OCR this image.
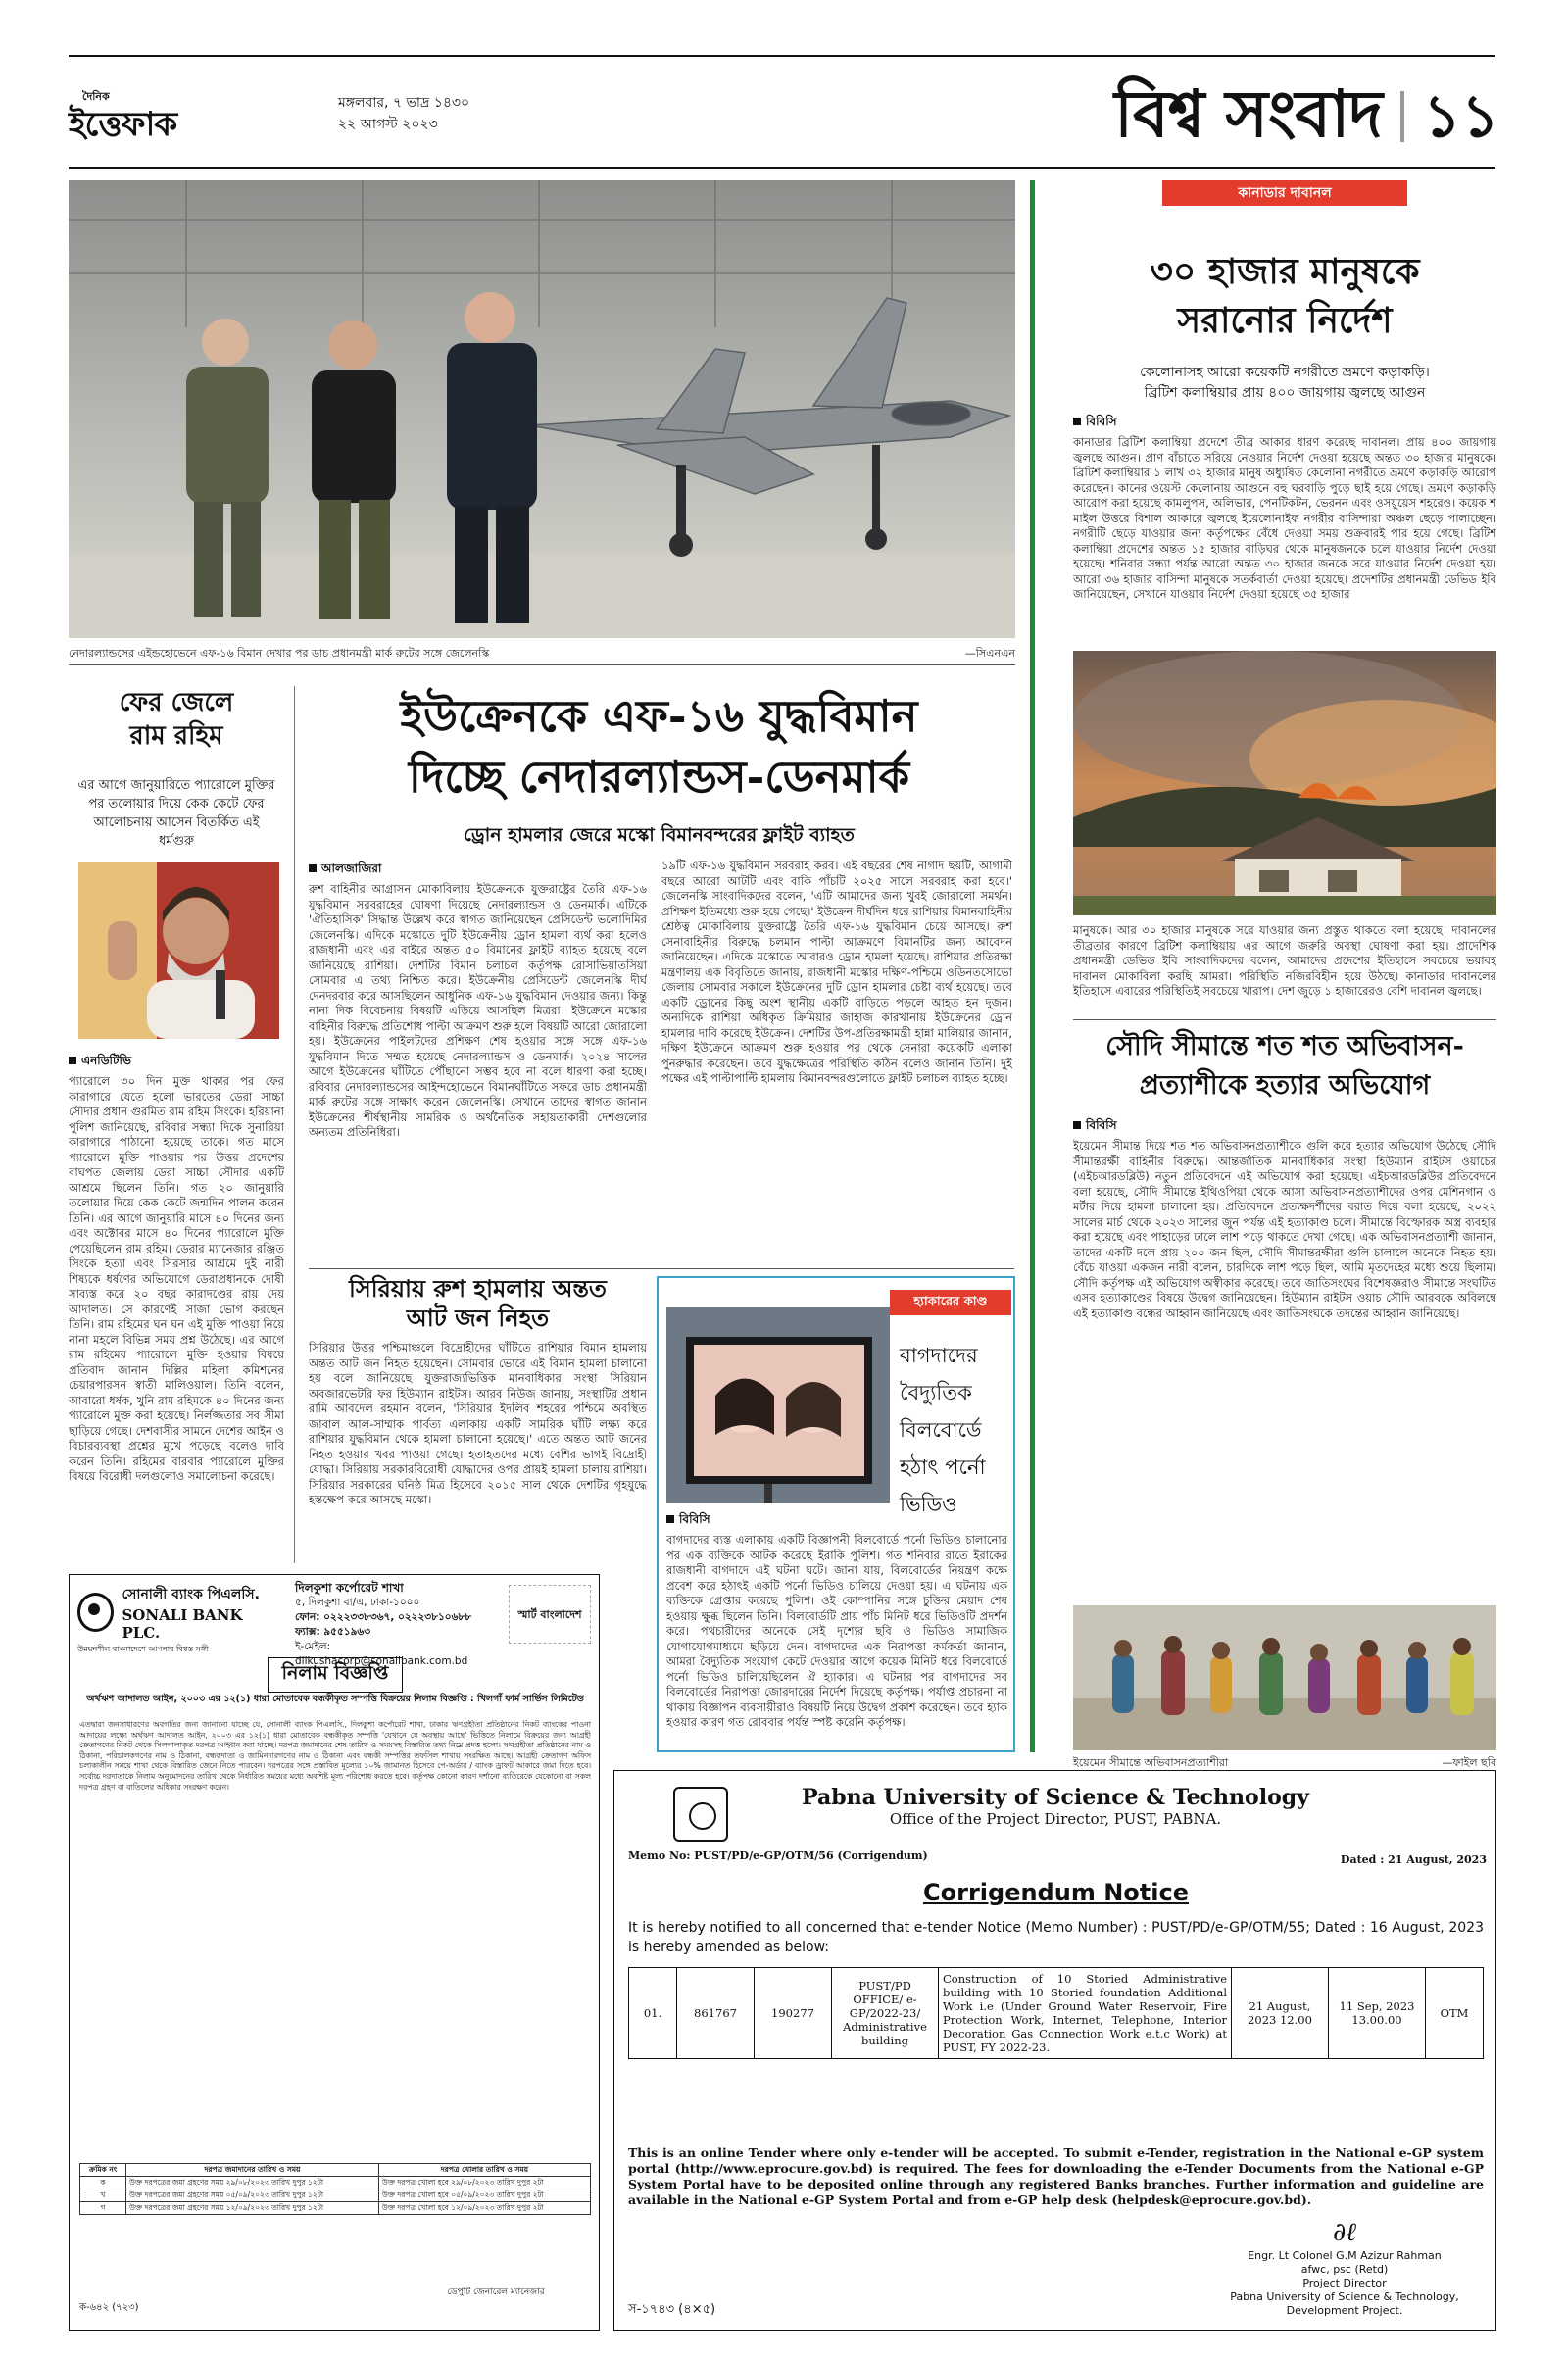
দৈনিক
ইত্তেফাক
মঙ্গলবার, ৭ ভাদ্র ১৪৩০
২২ আগস্ট ২০২৩	বিশ্ব সংবাদ ১১
নেদারল্যান্ডসের এইন্ডহোভেনে এফ-১৬ বিমান দেখার পর ডাচ প্রধানমন্ত্রী মার্ক রুটের সঙ্গে জেলেনস্কি	—সিএনএন
ফের জেলে
রাম রহিম
এর আগে জানুয়ারিতে প্যারোলে মুক্তির পর তলোয়ার দিয়ে কেক কেটে ফের আলোচনায় আসেন বিতর্কিত এই ধর্মগুরু
এনডিটিভি
প্যারোলে ৩০ দিন মুক্ত থাকার পর ফের কারাগারে যেতে হলো ভারতের ডেরা সাচ্চা সৌদার প্রধান গুরমিত রাম রহিম সিংকে। হরিয়ানা পুলিশ জানিয়েছে, রবিবার সন্ধ্যা দিকে সুনারিয়া কারাগারে পাঠানো হয়েছে তাকে। গত মাসে প্যারোলে মুক্তি পাওয়ার পর উত্তর প্রদেশের বাঘপত জেলায় ডেরা সাচ্চা সৌদার একটি আশ্রমে ছিলেন তিনি। গত ২০ জানুয়ারি তলোয়ার দিয়ে কেক কেটে জন্মদিন পালন করেন তিনি। এর আগে জানুয়ারি মাসে ৪০ দিনের জন্য এবং অক্টোবর মাসে ৪০ দিনের প্যারোলে মুক্তি পেয়েছিলেন রাম রহিম। ডেরার ম্যানেজার রঞ্জিত সিংকে হত্যা এবং সিরসার আশ্রমে দুই নারী শিষ্যকে ধর্ষণের অভিযোগে ডেরাপ্রধানকে দোষী সাব্যস্ত করে ২০ বছর কারাদণ্ডের রায় দেয় আদালত। সে কারণেই সাজা ভোগ করছেন তিনি। রাম রহিমের ঘন ঘন এই মুক্তি পাওয়া নিয়ে নানা মহলে বিভিন্ন সময় প্রশ্ন উঠেছে। এর আগে রাম রহিমের প্যারোলে মুক্তি হওয়ার বিষয়ে প্রতিবাদ জানান দিল্লির মহিলা কমিশনের চেয়ারপারসন স্বাতী মালিওয়াল। তিনি বলেন, আবারো ধর্ষক, খুনি রাম রহিমকে ৪০ দিনের জন্য প্যারোলে মুক্ত করা হয়েছে। নির্লজ্জতার সব সীমা ছাড়িয়ে গেছে। দেশবাসীর সামনে দেশের আইন ও বিচারব্যবস্থা প্রশ্নের মুখে পড়েছে বলেও দাবি করেন তিনি। রহিমের বারবার প্যারোলে মুক্তির বিষয়ে বিরোধী দলগুলোও সমালোচনা করেছে।
ইউক্রেনকে এফ-১৬ যুদ্ধবিমান
দিচ্ছে নেদারল্যান্ডস-ডেনমার্ক
ড্রোন হামলার জেরে মস্কো বিমানবন্দরের ফ্লাইট ব্যাহত
আলজাজিরা
রুশ বাহিনীর আগ্রাসন মোকাবিলায় ইউক্রেনকে যুক্তরাষ্ট্রের তৈরি এফ-১৬ যুদ্ধবিমান সরবরাহের ঘোষণা দিয়েছে নেদারল্যান্ডস ও ডেনমার্ক। এটিকে 'ঐতিহাসিক' সিদ্ধান্ত উল্লেখ করে স্বাগত জানিয়েছেন প্রেসিডেন্ট ভলোদিমির জেলেনস্কি। এদিকে মস্কোতে দুটি ইউক্রেনীয় ড্রোন হামলা ব্যর্থ করা হলেও রাজধানী এবং এর বাইরে অন্তত ৫০ বিমানের ফ্লাইট ব্যাহত হয়েছে বলে জানিয়েছে রাশিয়া। দেশটির বিমান চলাচল কর্তৃপক্ষ রোসাভিয়াতসিয়া সোমবার এ তথ্য নিশ্চিত করে। ইউক্রেনীয় প্রেসিডেন্ট জেলেনস্কি দীর্ঘ দেনদরবার করে আসছিলেন আধুনিক এফ-১৬ যুদ্ধবিমান দেওয়ার জন্য। কিন্তু নানা দিক বিবেচনায় বিষয়টি এড়িয়ে আসছিল মিত্ররা। ইউক্রেনে মস্কোর বাহিনীর বিরুদ্ধে প্রতিশোধ পাল্টা আক্রমণ শুরু হলে বিষয়টি আরো জোরালো হয়। ইউক্রেনের পাইলটদের প্রশিক্ষণ শেষ হওয়ার সঙ্গে সঙ্গে এফ-১৬ যুদ্ধবিমান দিতে সম্মত হয়েছে নেদারল্যান্ডস ও ডেনমার্ক। ২০২৪ সালের আগে ইউক্রেনের ঘাঁটিতে পৌঁছানো সম্ভব হবে না বলে ধারণা করা হচ্ছে। রবিবার নেদারল্যান্ডসের আইন্দহোভেনে বিমানঘাঁটিতে সফরে ডাচ প্রধানমন্ত্রী মার্ক রুটের সঙ্গে সাক্ষাৎ করেন জেলেনস্কি। সেখানে তাদের স্বাগত জানান ইউক্রেনের শীর্ষস্থানীয় সামরিক ও অর্থনৈতিক সহায়তাকারী দেশগুলোর অন্যতম প্রতিনিধিরা।
১৯টি এফ-১৬ যুদ্ধবিমান সরবরাহ করব। এই বছরের শেষ নাগাদ ছয়টি, আগামী বছরে আরো আটটি এবং বাকি পাঁচটি ২০২৫ সালে সরবরাহ করা হবে।' জেলেনস্কি সাংবাদিকদের বলেন, 'এটি আমাদের জন্য খুবই জোরালো সমর্থন। প্রশিক্ষণ ইতিমধ্যে শুরু হয়ে গেছে।' ইউক্রেন দীর্ঘদিন ধরে রাশিয়ার বিমানবাহিনীর শ্রেষ্ঠত্ব মোকাবিলায় যুক্তরাষ্ট্রে তৈরি এফ-১৬ যুদ্ধবিমান চেয়ে আসছে। রুশ সেনাবাহিনীর বিরুদ্ধে চলমান পাল্টা আক্রমণে বিমানটির জন্য আবেদন জানিয়েছেন। এদিকে মস্কোতে আবারও ড্রোন হামলা হয়েছে। রাশিয়ার প্রতিরক্ষা মন্ত্রণালয় এক বিবৃতিতে জানায়, রাজধানী মস্কোর দক্ষিণ-পশ্চিমে ওডিনতসোভো জেলায় সোমবার সকালে ইউক্রেনের দুটি ড্রোন হামলার চেষ্টা ব্যর্থ হয়েছে। তবে একটি ড্রোনের কিছু অংশ স্থানীয় একটি বাড়িতে পড়লে আহত হন দুজন। অন্যদিকে রাশিয়া অধিকৃত ক্রিমিয়ার জাহাজ কারখানায় ইউক্রেনের ড্রোন হামলার দাবি করেছে ইউক্রেন। দেশটির উপ-প্রতিরক্ষামন্ত্রী হান্না মালিয়ার জানান, দক্ষিণ ইউক্রেনে আক্রমণ শুরু হওয়ার পর থেকে সেনারা কয়েকটি এলাকা পুনরুদ্ধার করেছেন। তবে যুদ্ধক্ষেত্রের পরিস্থিতি কঠিন বলেও জানান তিনি। দুই পক্ষের এই পাল্টাপাল্টি হামলায় বিমানবন্দরগুলোতে ফ্লাইট চলাচল ব্যাহত হচ্ছে।
সিরিয়ায় রুশ হামলায় অন্তত
আট জন নিহত
সিরিয়ার উত্তর পশ্চিমাঞ্চলে বিদ্রোহীদের ঘাঁটিতে রাশিয়ার বিমান হামলায় অন্তত আট জন নিহত হয়েছেন। সোমবার ভোরে এই বিমান হামলা চালানো হয় বলে জানিয়েছে যুক্তরাজ্যভিত্তিক মানবাধিকার সংস্থা সিরিয়ান অবজারভেটরি ফর হিউম্যান রাইটস। আরব নিউজ জানায়, সংস্থাটির প্রধান রামি আবদেল রহমান বলেন, 'সিরিয়ার ইদলিব শহরের পশ্চিমে অবস্থিত জাবাল আল-সাম্মাক পার্বত্য এলাকায় একটি সামরিক ঘাঁটি লক্ষ্য করে রাশিয়ার যুদ্ধবিমান থেকে হামলা চালানো হয়েছে।' এতে অন্তত আট জনের নিহত হওয়ার খবর পাওয়া গেছে। হতাহতদের মধ্যে বেশির ভাগই বিদ্রোহী যোদ্ধা। সিরিয়ায় সরকারবিরোধী যোদ্ধাদের ওপর প্রায়ই হামলা চালায় রাশিয়া। সিরিয়ার সরকারের ঘনিষ্ঠ মিত্র হিসেবে ২০১৫ সাল থেকে দেশটির গৃহযুদ্ধে হস্তক্ষেপ করে আসছে মস্কো।
হ্যাকারের কাণ্ড
বাগদাদের
বৈদ্যুতিক
বিলবোর্ডে
হঠাৎ পর্নো
ভিডিও
বিবিসি
বাগদাদের ব্যস্ত এলাকায় একটি বিজ্ঞাপনী বিলবোর্ডে পর্নো ভিডিও চালানোর পর এক ব্যক্তিকে আটক করেছে ইরাকি পুলিশ। গত শনিবার রাতে ইরাকের রাজধানী বাগদাদে এই ঘটনা ঘটে। জানা যায়, বিলবোর্ডের নিয়ন্ত্রণ কক্ষে প্রবেশ করে হঠাৎই একটি পর্নো ভিডিও চালিয়ে দেওয়া হয়। এ ঘটনায় এক ব্যক্তিকে গ্রেপ্তার করেছে পুলিশ। ওই কোম্পানির সঙ্গে চুক্তির মেয়াদ শেষ হওয়ায় ক্ষুব্ধ ছিলেন তিনি। বিলবোর্ডটি প্রায় পাঁচ মিনিট ধরে ভিডিওটি প্রদর্শন করে। পথচারীদের অনেকে সেই দৃশ্যের ছবি ও ভিডিও সামাজিক যোগাযোগমাধ্যমে ছড়িয়ে দেন। বাগদাদের এক নিরাপত্তা কর্মকর্তা জানান, আমরা বৈদ্যুতিক সংযোগ কেটে দেওয়ার আগে কয়েক মিনিট ধরে বিলবোর্ডে পর্নো ভিডিও চালিয়েছিলেন ঐ হ্যাকার। এ ঘটনার পর বাগদাদের সব বিলবোর্ডের নিরাপত্তা জোরদারের নির্দেশ দিয়েছে কর্তৃপক্ষ। পর্যাপ্ত প্রচারনা না থাকায় বিজ্ঞাপন ব্যবসায়ীরাও বিষয়টি নিয়ে উদ্বেগ প্রকাশ করেছেন। তবে হ্যাক হওয়ার কারণ গত রোববার পর্যন্ত স্পষ্ট করেনি কর্তৃপক্ষ।
কানাডার দাবানল
৩০ হাজার মানুষকে
সরানোর নির্দেশ
কেলোনাসহ আরো কয়েকটি নগরীতে ভ্রমণে কড়াকড়ি।
ব্রিটিশ কলাম্বিয়ার প্রায় ৪০০ জায়গায় জ্বলছে আগুন
বিবিসি
কানাডার ব্রিটিশ কলাম্বিয়া প্রদেশে তীব্র আকার ধারণ করেছে দাবানল। প্রায় ৪০০ জায়গায় জ্বলছে আগুন। প্রাণ বাঁচাতে সরিয়ে নেওয়ার নির্দেশ দেওয়া হয়েছে অন্তত ৩০ হাজার মানুষকে। ব্রিটিশ কলাম্বিয়ার ১ লাখ ৩২ হাজার মানুষ অধ্যুষিত কেলোনা নগরীতে ভ্রমণে কড়াকড়ি আরোপ করেছেন। কানের ওয়েস্ট কেলোনায় আগুনে বহু ঘরবাড়ি পুড়ে ছাই হয়ে গেছে। ভ্রমণে কড়াকড়ি আরোপ করা হয়েছে কামলুপস, অলিভার, পেনটিকটন, ভেরনন এবং ওসয়ুয়েস শহরেও। কয়েক শ মাইল উত্তরে বিশাল আকারে জ্বলছে ইয়েলোনাইফ নগরীর বাসিন্দারা অঞ্চল ছেড়ে পালাচ্ছেন। নগরীটি ছেড়ে যাওয়ার জন্য কর্তৃপক্ষের বেঁধে দেওয়া সময় শুক্রবারই পার হয়ে গেছে। ব্রিটিশ কলাম্বিয়া প্রদেশের অন্তত ১৫ হাজার বাড়িঘর থেকে মানুষজনকে চলে যাওয়ার নির্দেশ দেওয়া হয়েছে। শনিবার সন্ধ্যা পর্যন্ত আরো অন্তত ৩০ হাজার জনকে সরে যাওয়ার নির্দেশ দেওয়া হয়। আরো ৩৬ হাজার বাসিন্দা মানুষকে সতর্কবার্তা দেওয়া হয়েছে। প্রদেশটির প্রধানমন্ত্রী ডেভিড ইবি জানিয়েছেন, সেখানে যাওয়ার নির্দেশ দেওয়া হয়েছে ৩৫ হাজার
মানুষকে। আর ৩০ হাজার মানুষকে সরে যাওয়ার জন্য প্রস্তুত থাকতে বলা হয়েছে। দাবানলের তীব্রতার কারণে ব্রিটিশ কলাম্বিয়ায় এর আগে জরুরি অবস্থা ঘোষণা করা হয়। প্রাদেশিক প্রধানমন্ত্রী ডেভিড ইবি সাংবাদিকদের বলেন, আমাদের প্রদেশের ইতিহাসে সবচেয়ে ভয়াবহ দাবানল মোকাবিলা করছি আমরা। পরিস্থিতি নজিরবিহীন হয়ে উঠছে। কানাডার দাবানলের ইতিহাসে এবারের পরিস্থিতিই সবচেয়ে খারাপ। দেশ জুড়ে ১ হাজারেরও বেশি দাবানল জ্বলছে।
সৌদি সীমান্তে শত শত অভিবাসন-
প্রত্যাশীকে হত্যার অভিযোগ
বিবিসি
ইয়েমেন সীমান্ত দিয়ে শত শত অভিবাসনপ্রত্যাশীকে গুলি করে হত্যার অভিযোগ উঠেছে সৌদি সীমান্তরক্ষী বাহিনীর বিরুদ্ধে। আন্তর্জাতিক মানবাধিকার সংস্থা হিউম্যান রাইটস ওয়াচের (এইচআরডব্লিউ) নতুন প্রতিবেদনে এই অভিযোগ করা হয়েছে। এইচআরডব্লিউর প্রতিবেদনে বলা হয়েছে, সৌদি সীমান্তে ইথিওপিয়া থেকে আসা অভিবাসনপ্রত্যাশীদের ওপর মেশিনগান ও মর্টার দিয়ে হামলা চালানো হয়। প্রতিবেদনে প্রত্যক্ষদর্শীদের বরাত দিয়ে বলা হয়েছে, ২০২২ সালের মার্চ থেকে ২০২৩ সালের জুন পর্যন্ত এই হত্যাকাণ্ড চলে। সীমান্তে বিস্ফোরক অস্ত্র ব্যবহার করা হয়েছে এবং পাহাড়ের ঢালে লাশ পড়ে থাকতে দেখা গেছে। এক অভিবাসনপ্রত্যাশী জানান, তাদের একটি দলে প্রায় ২০০ জন ছিল, সৌদি সীমান্তরক্ষীরা গুলি চালালে অনেকে নিহত হয়। বেঁচে যাওয়া একজন নারী বলেন, চারদিকে লাশ পড়ে ছিল, আমি মৃতদেহের মধ্যে শুয়ে ছিলাম। সৌদি কর্তৃপক্ষ এই অভিযোগ অস্বীকার করেছে। তবে জাতিসংঘের বিশেষজ্ঞরাও সীমান্তে সংঘটিত এসব হত্যাকাণ্ডের বিষয়ে উদ্বেগ জানিয়েছেন। হিউম্যান রাইটস ওয়াচ সৌদি আরবকে অবিলম্বে এই হত্যাকাণ্ড বন্ধের আহ্বান জানিয়েছে এবং জাতিসংঘকে তদন্তের আহ্বান জানিয়েছে।
ইয়েমেন সীমান্তে অভিবাসনপ্রত্যাশীরা	—ফাইল ছবি
সোনালী ব্যাংক পিএলসি.
SONALI BANK PLC.
উন্নয়নশীল বাংলাদেশে আপনার বিশ্বস্ত সঙ্গী
দিলকুশা কর্পোরেট শাখা
৫, দিলকুশা বা/এ, ঢাকা-১০০০
ফোন: ০২২২৩৩৮৩৬৭, ০২২২৩৮১০৬৮৮
ফ্যাক্স: ৯৫৫১৯৬৩
ই-মেইল: dilkushacorp@sonalibank.com.bd
স্মার্ট বাংলাদেশ
নিলাম বিজ্ঞপ্তি
অর্থঋণ আদালত আইন, ২০০৩ এর ১২(১) ধারা মোতাবেক বন্ধকীকৃত সম্পত্তি বিক্রয়ের নিলাম বিজ্ঞপ্তি : খিলগাঁ ফার্ম সার্ভিস লিমিটেড
এতদ্বারা জনসাধারণের অবগতির জন্য জানানো যাচ্ছে যে, সোনালী ব্যাংক পিএলসি., দিলকুশা কর্পোরেট শাখা, ঢাকার ঋণগ্রহীতা প্রতিষ্ঠানের নিকট ব্যাংকের পাওনা আদায়ের লক্ষ্যে অর্থঋণ আদালত আইন, ২০০৩ এর ১২(১) ধারা মোতাবেক বন্ধকীকৃত সম্পত্তি 'যেখানে যে অবস্থায় আছে' ভিত্তিতে নিলামে বিক্রয়ের জন্য আগ্রহী ক্রেতাগণের নিকট থেকে সিলগালাকৃত দরপত্র আহ্বান করা যাচ্ছে। দরপত্র জমাদানের শেষ তারিখ ও সময়সহ বিস্তারিত তথ্য নিম্নে প্রদত্ত হলো। ঋণগ্রহীতা প্রতিষ্ঠানের নাম ও ঠিকানা, পরিচালকগণের নাম ও ঠিকানা, বন্ধকদাতা ও জামিনদারগণের নাম ও ঠিকানা এবং বন্ধকী সম্পত্তির তফসিল শাখায় সংরক্ষিত আছে। আগ্রহী ক্রেতাগণ অফিস চলাকালীন সময়ে শাখা থেকে বিস্তারিত জেনে নিতে পারবেন। দরপত্রের সঙ্গে প্রস্তাবিত মূল্যের ১০% জামানত হিসেবে পে-অর্ডার / ব্যাংক ড্রাফট আকারে জমা দিতে হবে। সর্বোচ্চ দরদাতাকে নিলাম অনুমোদনের তারিখ থেকে নির্ধারিত সময়ের মধ্যে অবশিষ্ট মূল্য পরিশোধ করতে হবে। কর্তৃপক্ষ কোনো কারণ দর্শানো ব্যতিরেকে যেকোনো বা সকল দরপত্র গ্রহণ বা বাতিলের অধিকার সংরক্ষণ করেন।
ক্রমিক নং	দরপত্র জমাদানের তারিখ ও সময়	দরপত্র খোলার তারিখ ও সময়
ক	উক্ত দরপত্রের জমা গ্রহণের সময় ২৯/০৮/২০২৩ তারিখ দুপুর ১২টা	উক্ত দরপত্র খোলা হবে ২৯/০৮/২০২৩ তারিখ দুপুর ২টা
খ	উক্ত দরপত্রের জমা গ্রহণের সময় ০৫/০৯/২০২৩ তারিখ দুপুর ১২টা	উক্ত দরপত্র খোলা হবে ০৫/০৯/২০২৩ তারিখ দুপুর ২টা
গ	উক্ত দরপত্রের জমা গ্রহণের সময় ১২/০৯/২০২৩ তারিখ দুপুর ১২টা	উক্ত দরপত্র খোলা হবে ১২/০৯/২০২৩ তারিখ দুপুর ২টা
ক-৬৪২ (৭২৩)
ডেপুটি জেনারেল ম্যানেজার
Pabna University of Science & Technology
Office of the Project Director, PUST, PABNA.
Memo No: PUST/PD/e-GP/OTM/56 (Corrigendum)	Dated : 21 August, 2023
Corrigendum Notice
It is hereby notified to all concerned that e-tender Notice (Memo Number) : PUST/PD/e-GP/OTM/55; Dated : 16 August, 2023 is hereby amended as below:
01.	861767	190277	PUST/PD OFFICE/ e-GP/2022-23/ Administrative building	Construction of 10 Storied Administrative building with 10 Storied foundation Additional Work i.e (Under Ground Water Reservoir, Fire Protection Work, Internet, Telephone, Interior Decoration Gas Connection Work e.t.c Work) at PUST, FY 2022-23.	21 August, 2023 12.00	11 Sep, 2023 13.00.00	OTM
This is an online Tender where only e-tender will be accepted. To submit e-Tender, registration in the National e-GP system portal (http://www.eprocure.gov.bd) is required. The fees for downloading the e-Tender Documents from the National e-GP System Portal have to be deposited online through any registered Banks branches. Further information and guideline are available in the National e-GP System Portal and from e-GP help desk (helpdesk@eprocure.gov.bd).
∂ℓ
Engr. Lt Colonel G.M Azizur Rahman
afwc, psc (Retd)
Project Director
Pabna University of Science & Technology, Development Project.
স-১৭৪৩ (৪×৫)
